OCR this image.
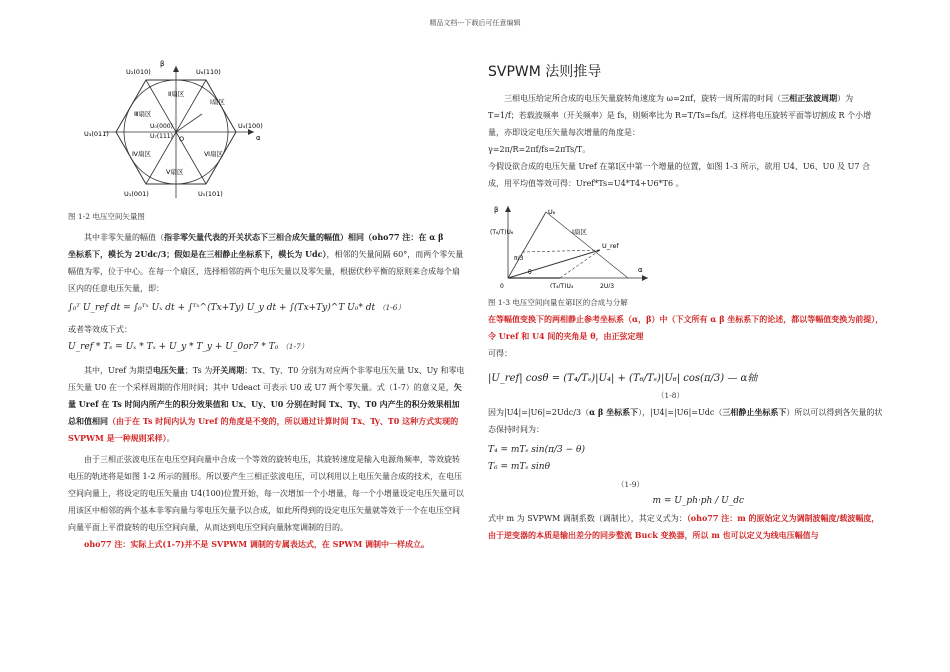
精品文档---下载后可任意编辑
β
α
U₂(010)	U₆(110)
U₃(011)
U₄(100)
U₁(001)	U₅(101)
Ⅰ扇区
Ⅱ扇区
Ⅲ扇区
Ⅳ扇区
Ⅴ扇区
Ⅵ扇区
U₀(000)
U₇(111) O

图 1-2 电压空间矢量图

其中非零矢量的幅值（指非零矢量代表的开关状态下三相合成矢量的幅值）相同（oho77 注：在 α β
坐标系下，模长为 2Udc/3；假如是在三相静止坐标系下，模长为 Udc），相邻的矢量间隔 60°，而两个零矢量幅值为零，位于中心。在每一个扇区，选择相邻的两个电压矢量以及零矢量，根据伏秒平衡的原则来合成每个扇区内的任意电压矢量，即：

∫₀ᵀ U_ref dt = ∫₀ᵀˣ Uₓ dt + ∫ᵀˣ^(Tx+Ty) U_y dt + ∫(Tx+Ty)^T U₀* dt （1-6）

或者等效成下式：

U_ref * Tₛ = Uₓ * Tₓ + U_y * T_y + U_0or7 * T₀ （1-7）

其中，Uref 为期望电压矢量；Ts 为开关周期；Tx、Ty、T0 分别为对应两个非零电压矢量 Ux、Uy 和零电压矢量 U0 在一个采样周期的作用时间；其中 Udeact 可表示 U0 或 U7 两个零矢量。式（1-7）的意义是，矢量 Uref 在 Ts 时间内所产生的积分效果值和 Ux、Uy、U0 分别在时间 Tx、Ty、T0 内产生的积分效果相加总和值相同（由于在 Ts 时间内认为 Uref 的角度是不变的，所以通过计算时间 Tx、Ty、T0 这种方式实现的 SVPWM 是一种规则采样）。

由于三相正弦波电压在电压空间向量中合成一个等效的旋转电压，其旋转速度是输入电源角频率，等效旋转电压的轨迹将是如图 1-2 所示的圆形。所以要产生三相正弦波电压，可以利用以上电压矢量合成的技术，在电压空间向量上，将设定的电压矢量由 U4(100)位置开始，每一次增加一个小增量，每一个小增量设定电压矢量可以用该区中相邻的两个基本非零向量与零电压矢量予以合成，如此所得到的设定电压矢量就等效于一个在电压空间向量平面上平滑旋转的电压空间向量，从而达到电压空间向量脉宽调制的目的。

oho77 注：实际上式(1-7)并不是 SVPWM 调制的专属表达式，在 SPWM 调制中一样成立。

SVPWM 法则推导

三相电压给定所合成的电压矢量旋转角速度为 ω=2πf，旋转一周所需的时间（三相正弦波周期）为 T=1/f；若载波频率（开关频率）是 fs，则频率比为 R=T/Ts=fs/f。这样将电压旋转平面等切割成 R 个小增量，亦即设定电压矢量每次增量的角度是：

γ=2π/R=2πf/fs=2πTs/T。

今假设欲合成的电压矢量 Uref 在第Ⅰ区中第一个增量的位置，如图 1-3 所示，欲用 U4、U6、U0 及 U7 合成，用平均值等效可得：Uref*Ts=U4*T4+U6*T6 。

β
α
U₆
U_ref
(T₆/T)U₆
(T₄/T)U₄	2U/3
Ⅰ扇区
π/3
θ
0

图 1-3 电压空间向量在第Ⅰ区的合成与分解

在等幅值变换下的两相静止参考坐标系（α，β）中（下文所有 α β 坐标系下的论述，都以等幅值变换为前提），令 Uref 和 U4 间的夹角是 θ，由正弦定理

可得：

|U_ref| cosθ = (T₄/Tₛ)|U₄| + (T₆/Tₛ)|U₆| cos(π/3) — α轴

（1-8）

因为|U4|=|U6|=2Udc/3（α β 坐标系下），|U4|=|U6|=Udc（三相静止坐标系下）所以可以得到各矢量的状态保持时间为：

T₄ = mTₛ sin(π/3 − θ)

T₆ = mTₛ sinθ

（1-9）

m = U_ph·ph / U_dc

式中 m 为 SVPWM 调制系数（调制比），其定义式为：（oho77 注：m 的原始定义为调制波幅度/载波幅度，由于逆变器的本质是输出差分的同步整流 Buck 变换器，所以 m 也可以定义为线电压幅值与
